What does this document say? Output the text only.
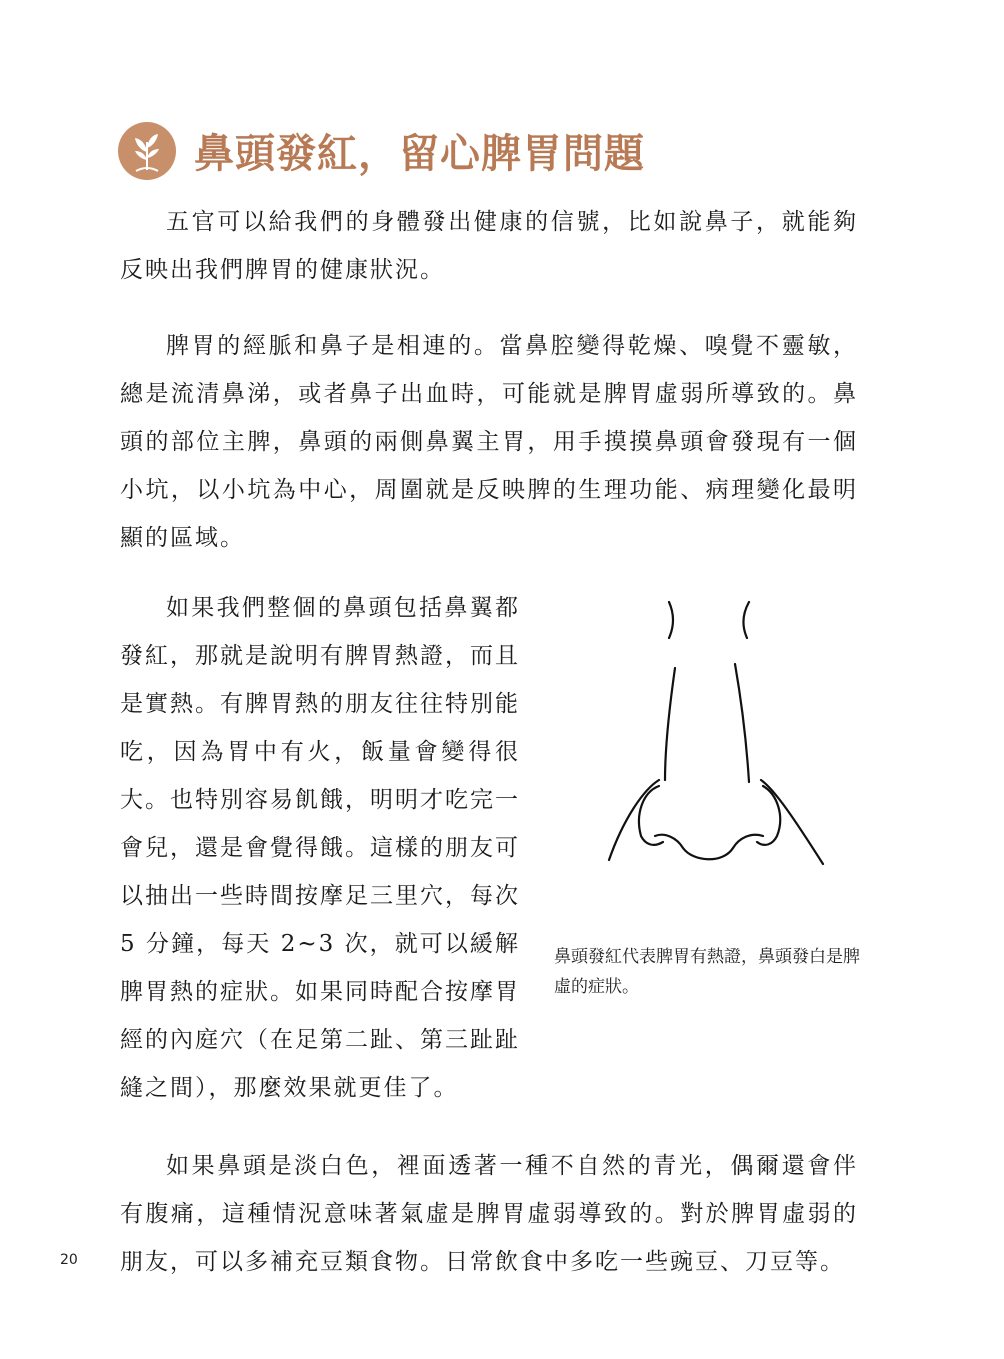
鼻頭發紅，留心脾胃問題

五官可以給我們的身體發出健康的信號，比如說鼻子，就能夠反映出我們脾胃的健康狀況。

脾胃的經脈和鼻子是相連的。當鼻腔變得乾燥、嗅覺不靈敏，總是流清鼻涕，或者鼻子出血時，可能就是脾胃虛弱所導致的。鼻頭的部位主脾，鼻頭的兩側鼻翼主胃，用手摸摸鼻頭會發現有一個小坑，以小坑為中心，周圍就是反映脾的生理功能、病理變化最明顯的區域。

如果我們整個的鼻頭包括鼻翼都發紅，那就是說明有脾胃熱證，而且是實熱。有脾胃熱的朋友往往特別能吃，因為胃中有火，飯量會變得很大。也特別容易飢餓，明明才吃完一會兒，還是會覺得餓。這樣的朋友可以抽出一些時間按摩足三里穴，每次 5 分鐘，每天 2~3 次，就可以緩解脾胃熱的症狀。如果同時配合按摩胃經的內庭穴（在足第二趾、第三趾趾縫之間），那麼效果就更佳了。

鼻頭發紅代表脾胃有熱證，鼻頭發白是脾虛的症狀。

如果鼻頭是淡白色，裡面透著一種不自然的青光，偶爾還會伴有腹痛，這種情況意味著氣虛是脾胃虛弱導致的。對於脾胃虛弱的朋友，可以多補充豆類食物。日常飲食中多吃一些豌豆、刀豆等。

20
